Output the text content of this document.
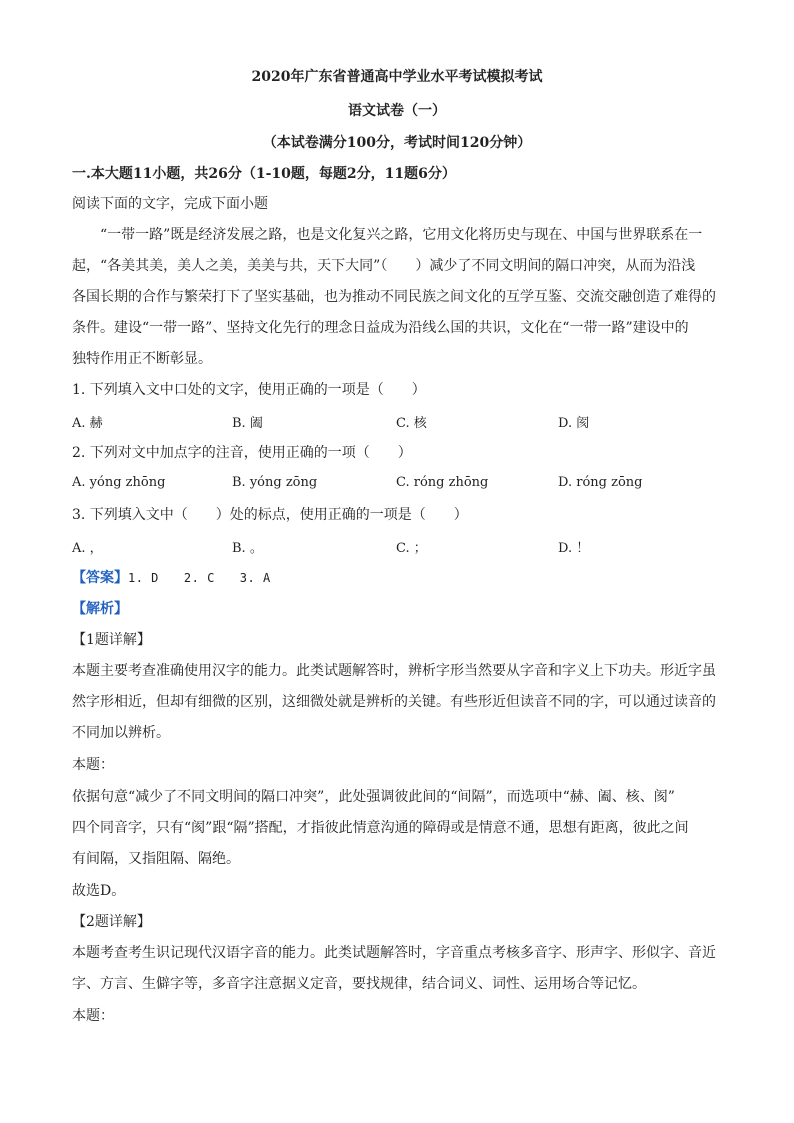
2020年广东省普通高中学业水平考试模拟考试
语文试卷（一）
（本试卷满分100分，考试时间120分钟）
一.本大题11小题，共26分（1-10题，每题2分，11题6分）
阅读下面的文字，完成下面小题
“一带一路”既是经济发展之路，也是文化复兴之路，它用文化将历史与现在、中国与世界联系在一
起，“各美其美，美人之美，美美与共，天下大同”（　　）减少了不同文明间的隔口冲突，从而为沿浅
各国长期的合作与繁荣打下了坚实基础，也为推动不同民族之间文化的互学互鉴、交流交融创造了难得的
条件。建设“一带一路”、坚持文化先行的理念日益成为沿线么国的共识，文化在“一带一路”建设中的
独特作用正不断彰显。
1. 下列填入文中口处的文字，使用正确的一项是（　　）
A. 赫	B. 阖	C. 核	D. 阂
2. 下列对文中加点字的注音，使用正确的一项（　　）
A. yóng zhōng	B. yóng zōng	C. róng zhōng	D. róng zōng
3. 下列填入文中（　　）处的标点，使用正确的一项是（　　）
A. ，	B. 。	C. ；	D. ！
【答案】1. D　　2. C　　3. A
【解析】
【1题详解】
本题主要考查准确使用汉字的能力。此类试题解答时，辨析字形当然要从字音和字义上下功夫。形近字虽
然字形相近，但却有细微的区别，这细微处就是辨析的关键。有些形近但读音不同的字，可以通过读音的
不同加以辨析。
本题：
依据句意“减少了不同文明间的隔口冲突”，此处强调彼此间的“间隔”，而选项中“赫、阖、核、阂”
四个同音字，只有“阂”跟“隔”搭配，才指彼此情意沟通的障碍或是情意不通，思想有距离，彼此之间
有间隔，又指阻隔、隔绝。
故选D。
【2题详解】
本题考查考生识记现代汉语字音的能力。此类试题解答时，字音重点考核多音字、形声字、形似字、音近
字、方言、生僻字等，多音字注意据义定音，要找规律，结合词义、词性、运用场合等记忆。
本题：
